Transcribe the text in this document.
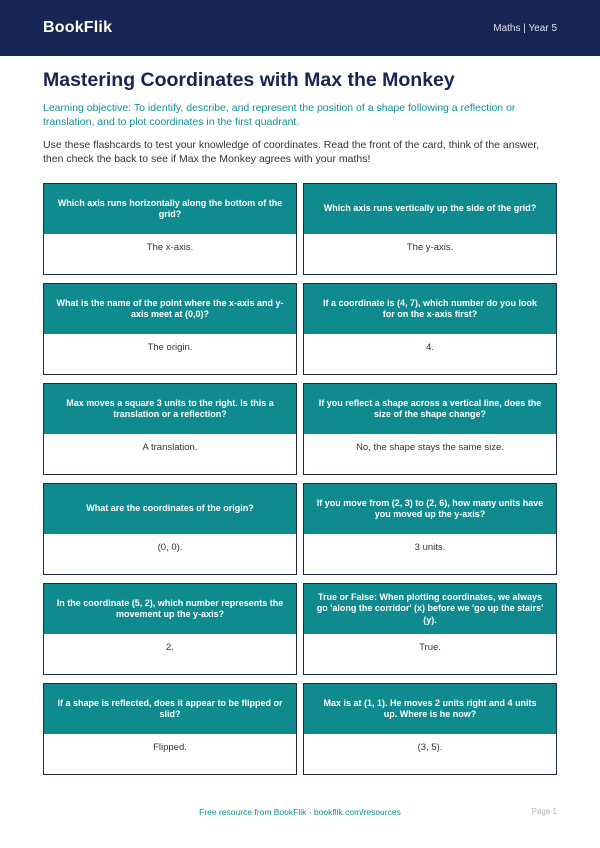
BookFlik	Maths | Year 5
Mastering Coordinates with Max the Monkey

Learning objective: To identify, describe, and represent the position of a shape following a reflection or translation, and to plot coordinates in the first quadrant.

Use these flashcards to test your knowledge of coordinates. Read the front of the card, think of the answer, then check the back to see if Max the Monkey agrees with your maths!

Which axis runs horizontally along the bottom of the grid?
The x-axis.
Which axis runs vertically up the side of the grid?
The y-axis.
What is the name of the point where the x-axis and y-axis meet at (0,0)?
The origin.
If a coordinate is (4, 7), which number do you look for on the x-axis first?
4.
Max moves a square 3 units to the right. Is this a translation or a reflection?
A translation.
If you reflect a shape across a vertical line, does the size of the shape change?
No, the shape stays the same size.
What are the coordinates of the origin?
(0, 0).
If you move from (2, 3) to (2, 6), how many units have you moved up the y-axis?
3 units.
In the coordinate (5, 2), which number represents the movement up the y-axis?
2.
True or False: When plotting coordinates, we always go 'along the corridor' (x) before we 'go up the stairs' (y).
True.
If a shape is reflected, does it appear to be flipped or slid?
Flipped.
Max is at (1, 1). He moves 2 units right and 4 units up. Where is he now?
(3, 5).
Free resource from BookFlik · bookflik.com/resources	Page 1
